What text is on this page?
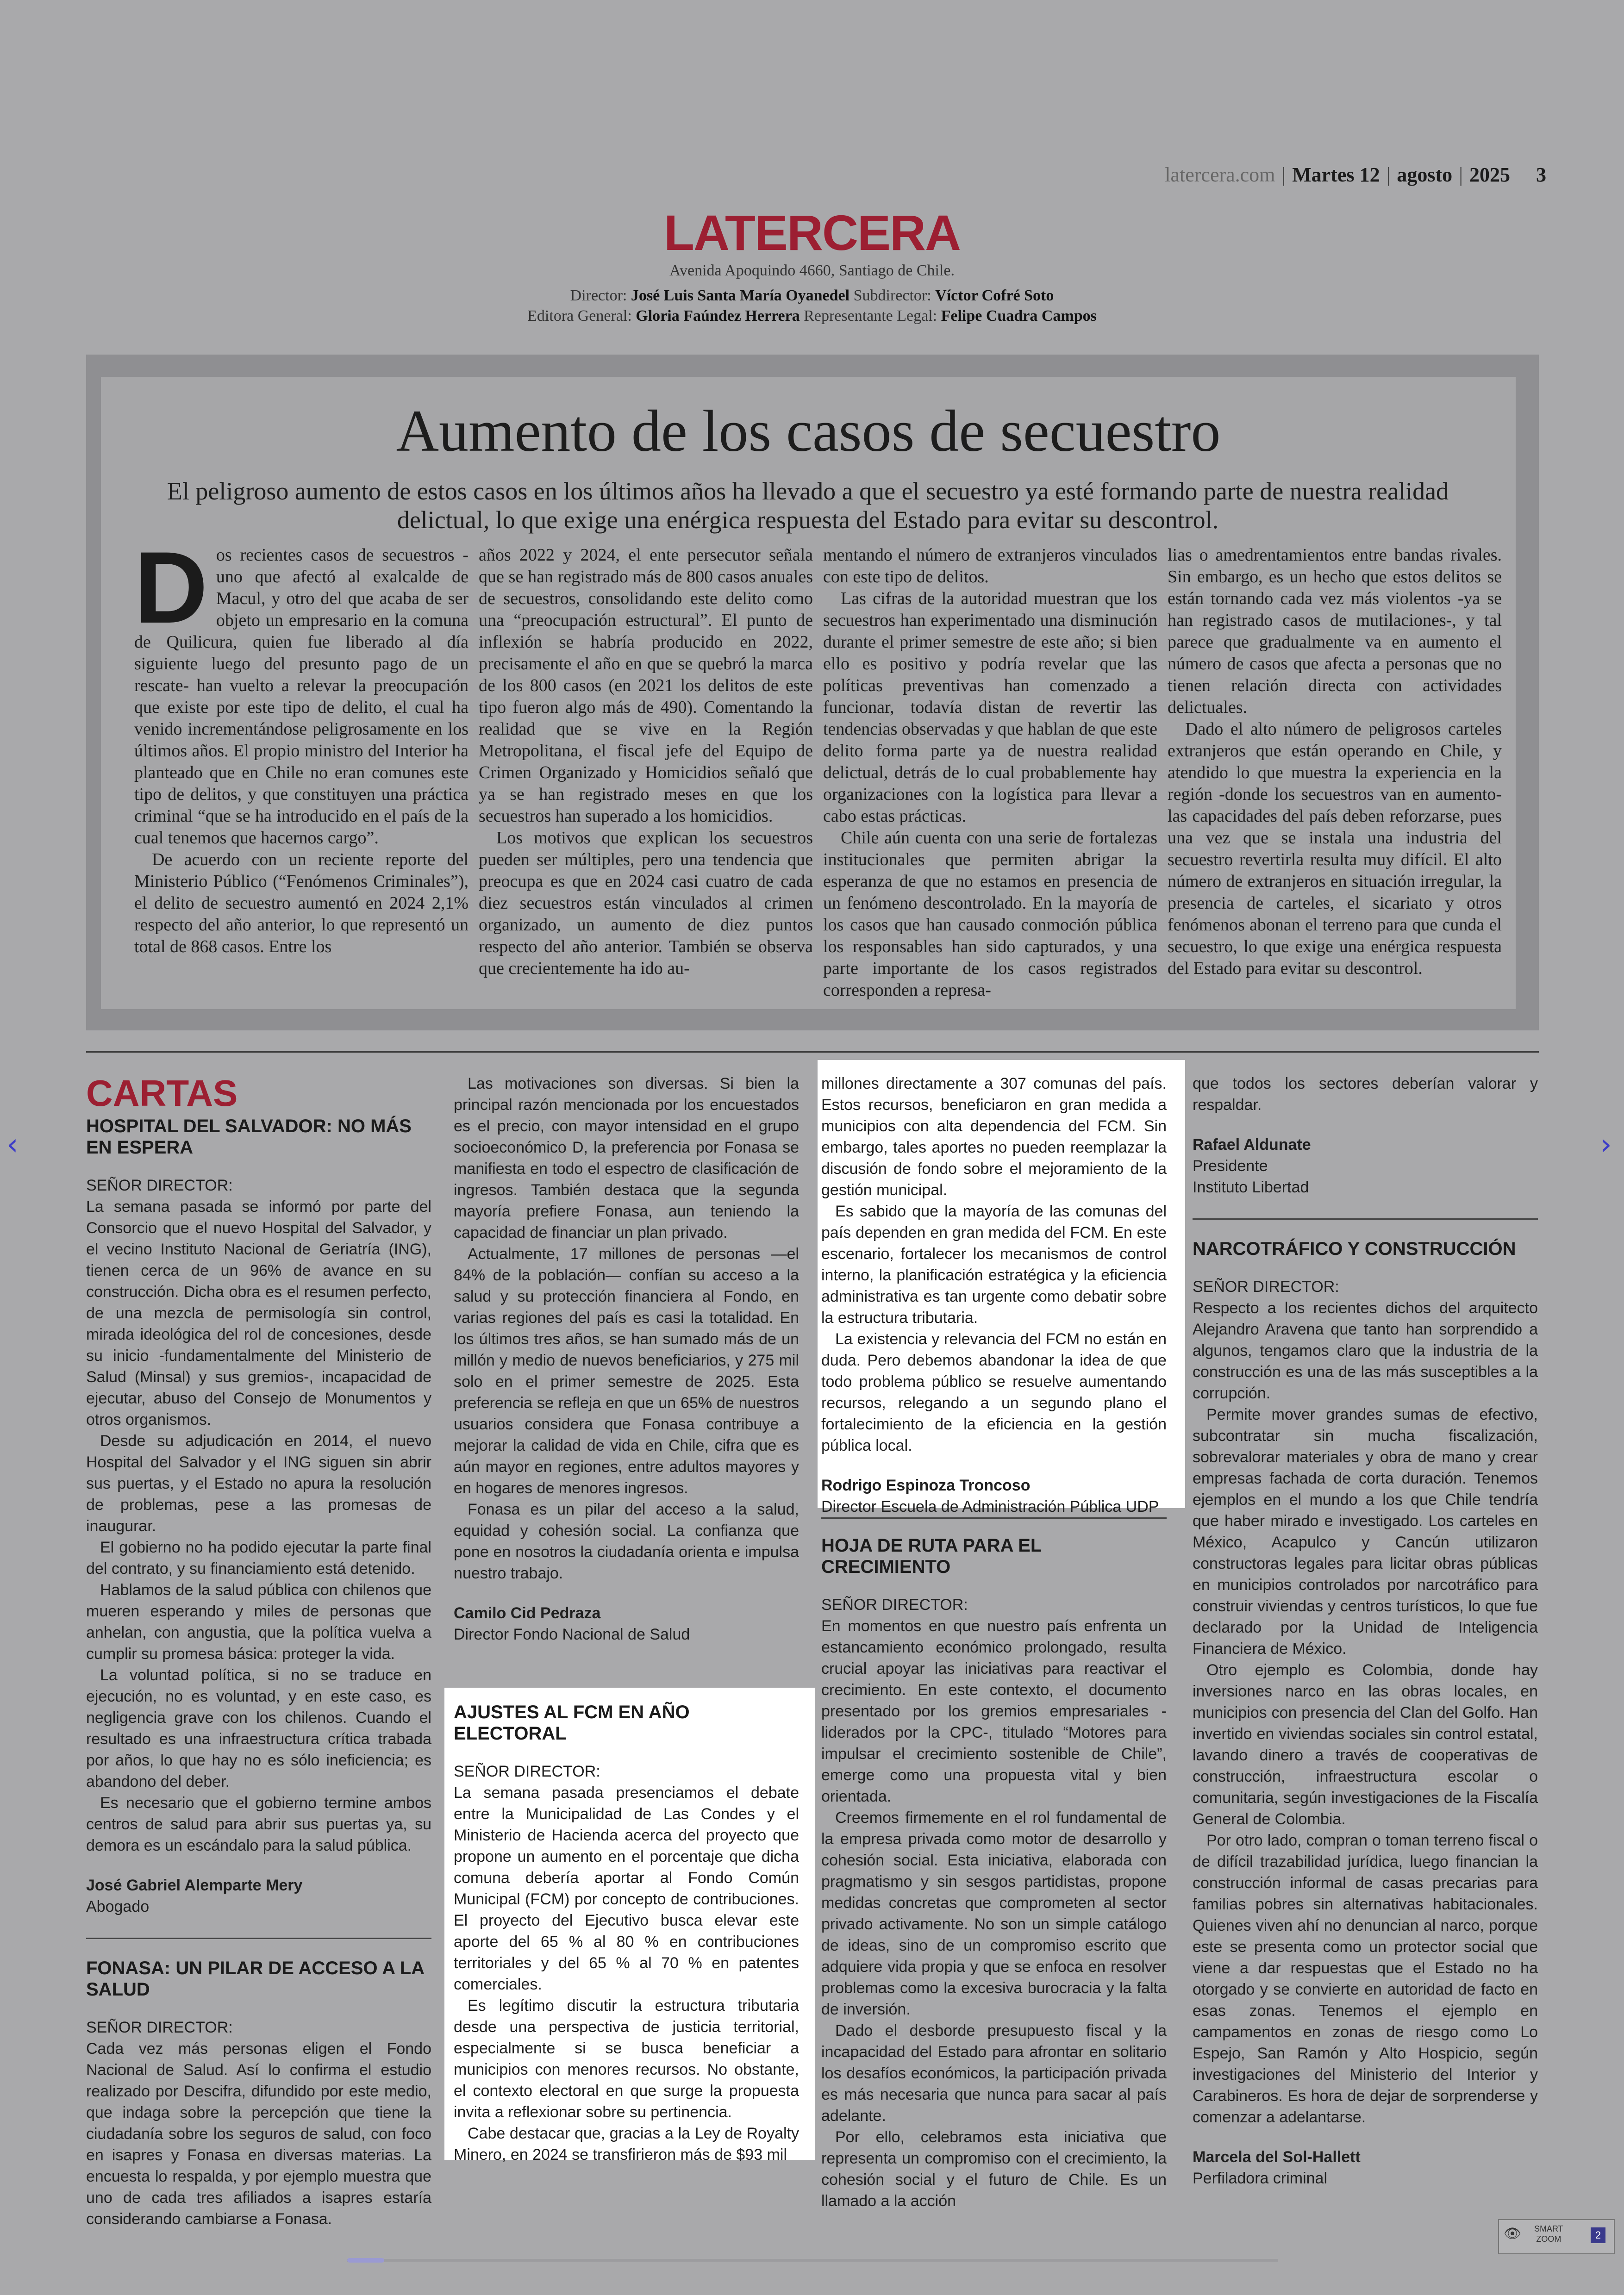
latercera.com | Martes 12 | agosto | 2025 3
LATERCERA
Avenida Apoquindo 4660, Santiago de Chile.
Director: José Luis Santa María Oyanedel Subdirector: Víctor Cofré Soto
Editora General: Gloria Faúndez Herrera Representante Legal: Felipe Cuadra Campos
Aumento de los casos de secuestro
El peligroso aumento de estos casos en los últimos años ha llevado a que el secuestro ya esté formando parte de nuestra realidad delictual, lo que exige una enérgica respuesta del Estado para evitar su descontrol.
D os recientes casos de secuestros -uno que afectó al exalcalde de Macul, y otro del que acaba de ser objeto un empresario en la comuna de Quilicura, quien fue liberado al día siguiente luego del presunto pago de un rescate- han vuelto a relevar la preocupación que existe por este tipo de delito, el cual ha venido incrementándose peligrosamente en los últimos años. El propio ministro del Interior ha planteado que en Chile no eran comunes este tipo de delitos, y que constituyen una práctica criminal “que se ha introducido en el país de la cual tenemos que hacernos cargo”.

De acuerdo con un reciente reporte del Ministerio Público (“Fenómenos Criminales”), el delito de secuestro aumentó en 2024 2,1% respecto del año anterior, lo que representó un total de 868 casos. Entre los

años 2022 y 2024, el ente persecutor señala que se han registrado más de 800 casos anuales de secuestros, consolidando este delito como una “preocupación estructural”. El punto de inflexión se habría producido en 2022, precisamente el año en que se quebró la marca de los 800 casos (en 2021 los delitos de este tipo fueron algo más de 490). Comentando la realidad que se vive en la Región Metropolitana, el fiscal jefe del Equipo de Crimen Organizado y Homicidios señaló que ya se han registrado meses en que los secuestros han superado a los homicidios.

Los motivos que explican los secuestros pueden ser múltiples, pero una tendencia que preocupa es que en 2024 casi cuatro de cada diez secuestros están vinculados al crimen organizado, un aumento de diez puntos respecto del año anterior. También se observa que crecientemente ha ido au-

mentando el número de extranjeros vinculados con este tipo de delitos.

Las cifras de la autoridad muestran que los secuestros han experimentado una disminución durante el primer semestre de este año; si bien ello es positivo y podría revelar que las políticas preventivas han comenzado a funcionar, todavía distan de revertir las tendencias observadas y que hablan de que este delito forma parte ya de nuestra realidad delictual, detrás de lo cual probablemente hay organizaciones con la logística para llevar a cabo estas prácticas.

Chile aún cuenta con una serie de fortalezas institucionales que permiten abrigar la esperanza de que no estamos en presencia de un fenómeno descontrolado. En la mayoría de los casos que han causado conmoción pública los responsables han sido capturados, y una parte importante de los casos registrados corresponden a represa-

lias o amedrentamientos entre bandas rivales. Sin embargo, es un hecho que estos delitos se están tornando cada vez más violentos -ya se han registrado casos de mutilaciones-, y tal parece que gradualmente va en aumento el número de casos que afecta a personas que no tienen relación directa con actividades delictuales.

Dado el alto número de peligrosos carteles extranjeros que están operando en Chile, y atendido lo que muestra la experiencia en la región -donde los secuestros van en aumento- las capacidades del país deben reforzarse, pues una vez que se instala una industria del secuestro revertirla resulta muy difícil. El alto número de extranjeros en situación irregular, la presencia de carteles, el sicariato y otros fenómenos abonan el terreno para que cunda el secuestro, lo que exige una enérgica respuesta del Estado para evitar su descontrol.

CARTAS

HOSPITAL DEL SALVADOR: NO MÁS EN ESPERA

SEÑOR DIRECTOR:

La semana pasada se informó por parte del Consorcio que el nuevo Hospital del Salvador, y el vecino Instituto Nacional de Geriatría (ING), tienen cerca de un 96% de avance en su construcción. Dicha obra es el resumen perfecto, de una mezcla de permisología sin control, mirada ideológica del rol de concesiones, desde su inicio -fundamentalmente del Ministerio de Salud (Minsal) y sus gremios-, incapacidad de ejecutar, abuso del Consejo de Monumentos y otros organismos.

Desde su adjudicación en 2014, el nuevo Hospital del Salvador y el ING siguen sin abrir sus puertas, y el Estado no apura la resolución de problemas, pese a las promesas de inaugurar.

El gobierno no ha podido ejecutar la parte final del contrato, y su financiamiento está detenido.

Hablamos de la salud pública con chilenos que mueren esperando y miles de personas que anhelan, con angustia, que la política vuelva a cumplir su promesa básica: proteger la vida.

La voluntad política, si no se traduce en ejecución, no es voluntad, y en este caso, es negligencia grave con los chilenos. Cuando el resultado es una infraestructura crítica trabada por años, lo que hay no es sólo ineficiencia; es abandono del deber.

Es necesario que el gobierno termine ambos centros de salud para abrir sus puertas ya, su demora es un escándalo para la salud pública.

José Gabriel Alemparte Mery

Abogado

FONASA: UN PILAR DE ACCESO A LA SALUD

SEÑOR DIRECTOR:

Cada vez más personas eligen el Fondo Nacional de Salud. Así lo confirma el estudio realizado por Descifra, difundido por este medio, que indaga sobre la percepción que tiene la ciudadanía sobre los seguros de salud, con foco en isapres y Fonasa en diversas materias. La encuesta lo respalda, y por ejemplo muestra que uno de cada tres afiliados a isapres estaría considerando cambiarse a Fonasa.

Las motivaciones son diversas. Si bien la principal razón mencionada por los encuestados es el precio, con mayor intensidad en el grupo socioeconómico D, la preferencia por Fonasa se manifiesta en todo el espectro de clasificación de ingresos. También destaca que la segunda mayoría prefiere Fonasa, aun teniendo la capacidad de financiar un plan privado.

Actualmente, 17 millones de personas —el 84% de la población— confían su acceso a la salud y su protección financiera al Fondo, en varias regiones del país es casi la totalidad. En los últimos tres años, se han sumado más de un millón y medio de nuevos beneficiarios, y 275 mil solo en el primer semestre de 2025. Esta preferencia se refleja en que un 65% de nuestros usuarios considera que Fonasa contribuye a mejorar la calidad de vida en Chile, cifra que es aún mayor en regiones, entre adultos mayores y en hogares de menores ingresos.

Fonasa es un pilar del acceso a la salud, equidad y cohesión social. La confianza que pone en nosotros la ciudadanía orienta e impulsa nuestro trabajo.

Camilo Cid Pedraza

Director Fondo Nacional de Salud

AJUSTES AL FCM EN AÑO ELECTORAL

SEÑOR DIRECTOR:

La semana pasada presenciamos el debate entre la Municipalidad de Las Condes y el Ministerio de Hacienda acerca del proyecto que propone un aumento en el porcentaje que dicha comuna debería aportar al Fondo Común Municipal (FCM) por concepto de contribuciones. El proyecto del Ejecutivo busca elevar este aporte del 65 % al 80 % en contribuciones territoriales y del 65 % al 70 % en patentes comerciales.

Es legítimo discutir la estructura tributaria desde una perspectiva de justicia territorial, especialmente si se busca beneficiar a municipios con menores recursos. No obstante, el contexto electoral en que surge la propuesta invita a reflexionar sobre su pertinencia.

Cabe destacar que, gracias a la Ley de Royalty Minero, en 2024 se transfirieron más de $93 mil

millones directamente a 307 comunas del país. Estos recursos, beneficiaron en gran medida a municipios con alta dependencia del FCM. Sin embargo, tales aportes no pueden reemplazar la discusión de fondo sobre el mejoramiento de la gestión municipal.

Es sabido que la mayoría de las comunas del país dependen en gran medida del FCM. En este escenario, fortalecer los mecanismos de control interno, la planificación estratégica y la eficiencia administrativa es tan urgente como debatir sobre la estructura tributaria.

La existencia y relevancia del FCM no están en duda. Pero debemos abandonar la idea de que todo problema público se resuelve aumentando recursos, relegando a un segundo plano el fortalecimiento de la eficiencia en la gestión pública local.

Rodrigo Espinoza Troncoso

Director Escuela de Administración Pública UDP

HOJA DE RUTA PARA EL CRECIMIENTO

SEÑOR DIRECTOR:

En momentos en que nuestro país enfrenta un estancamiento económico prolongado, resulta crucial apoyar las iniciativas para reactivar el crecimiento. En este contexto, el documento presentado por los gremios empresariales -liderados por la CPC-, titulado “Motores para impulsar el crecimiento sostenible de Chile”, emerge como una propuesta vital y bien orientada.

Creemos firmemente en el rol fundamental de la empresa privada como motor de desarrollo y cohesión social. Esta iniciativa, elaborada con pragmatismo y sin sesgos partidistas, propone medidas concretas que comprometen al sector privado activamente. No son un simple catálogo de ideas, sino de un compromiso escrito que adquiere vida propia y que se enfoca en resolver problemas como la excesiva burocracia y la falta de inversión.

Dado el desborde presupuesto fiscal y la incapacidad del Estado para afrontar en solitario los desafíos económicos, la participación privada es más necesaria que nunca para sacar al país adelante.

Por ello, celebramos esta iniciativa que representa un compromiso con el crecimiento, la cohesión social y el futuro de Chile. Es un llamado a la acción

que todos los sectores deberían valorar y respaldar.

Rafael Aldunate

Presidente

Instituto Libertad

NARCOTRÁFICO Y CONSTRUCCIÓN

SEÑOR DIRECTOR:

Respecto a los recientes dichos del arquitecto Alejandro Aravena que tanto han sorprendido a algunos, tengamos claro que la industria de la construcción es una de las más susceptibles a la corrupción.

Permite mover grandes sumas de efectivo, subcontratar sin mucha fiscalización, sobrevalorar materiales y obra de mano y crear empresas fachada de corta duración. Tenemos ejemplos en el mundo a los que Chile tendría que haber mirado e investigado. Los carteles en México, Acapulco y Cancún utilizaron constructoras legales para licitar obras públicas en municipios controlados por narcotráfico para construir viviendas y centros turísticos, lo que fue declarado por la Unidad de Inteligencia Financiera de México.

Otro ejemplo es Colombia, donde hay inversiones narco en las obras locales, en municipios con presencia del Clan del Golfo. Han invertido en viviendas sociales sin control estatal, lavando dinero a través de cooperativas de construcción, infraestructura escolar o comunitaria, según investigaciones de la Fiscalía General de Colombia.

Por otro lado, compran o toman terreno fiscal o de difícil trazabilidad jurídica, luego financian la construcción informal de casas precarias para familias pobres sin alternativas habitacionales. Quienes viven ahí no denuncian al narco, porque este se presenta como un protector social que viene a dar respuestas que el Estado no ha otorgado y se convierte en autoridad de facto en esas zonas. Tenemos el ejemplo en campamentos en zonas de riesgo como Lo Espejo, San Ramón y Alto Hospicio, según investigaciones del Ministerio del Interior y Carabineros. Es hora de dejar de sorprenderse y comenzar a adelantarse.

Marcela del Sol-Hallett

Perfiladora criminal

‹	›
👁 SMART
ZOOM	2
